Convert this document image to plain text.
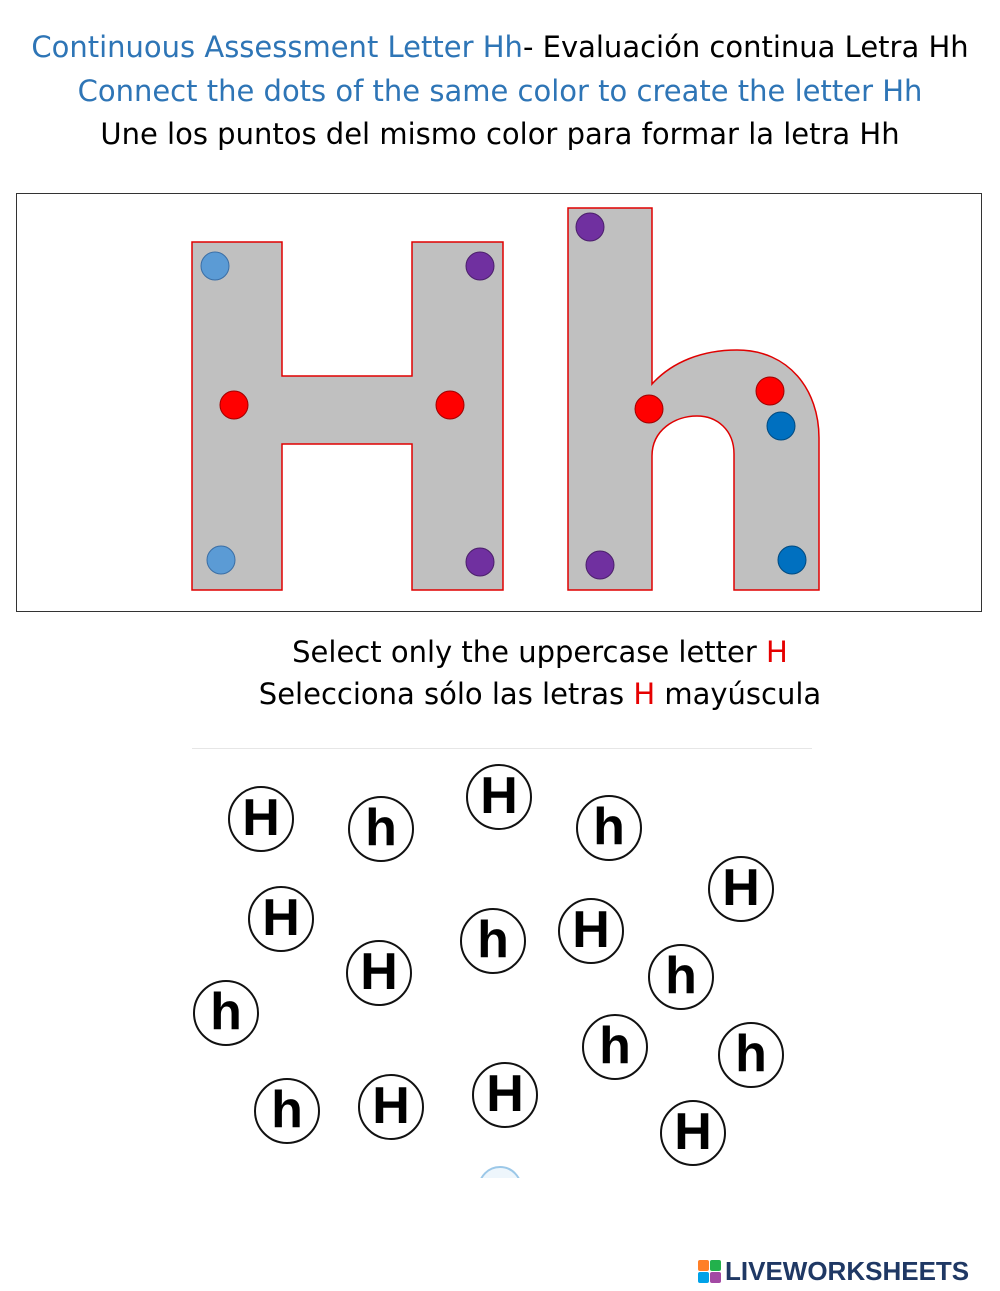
Continuous Assessment Letter Hh- Evaluación continua Letra Hh
Connect the dots of the same color to create the letter Hh
Une los puntos del mismo color para formar la letra Hh
Select only the uppercase letter H
Selecciona sólo las letras H mayúscula
H h
H
h
H
H	h H
H	h
h
h h
h H H
H
LIVEWORKSHEETS
